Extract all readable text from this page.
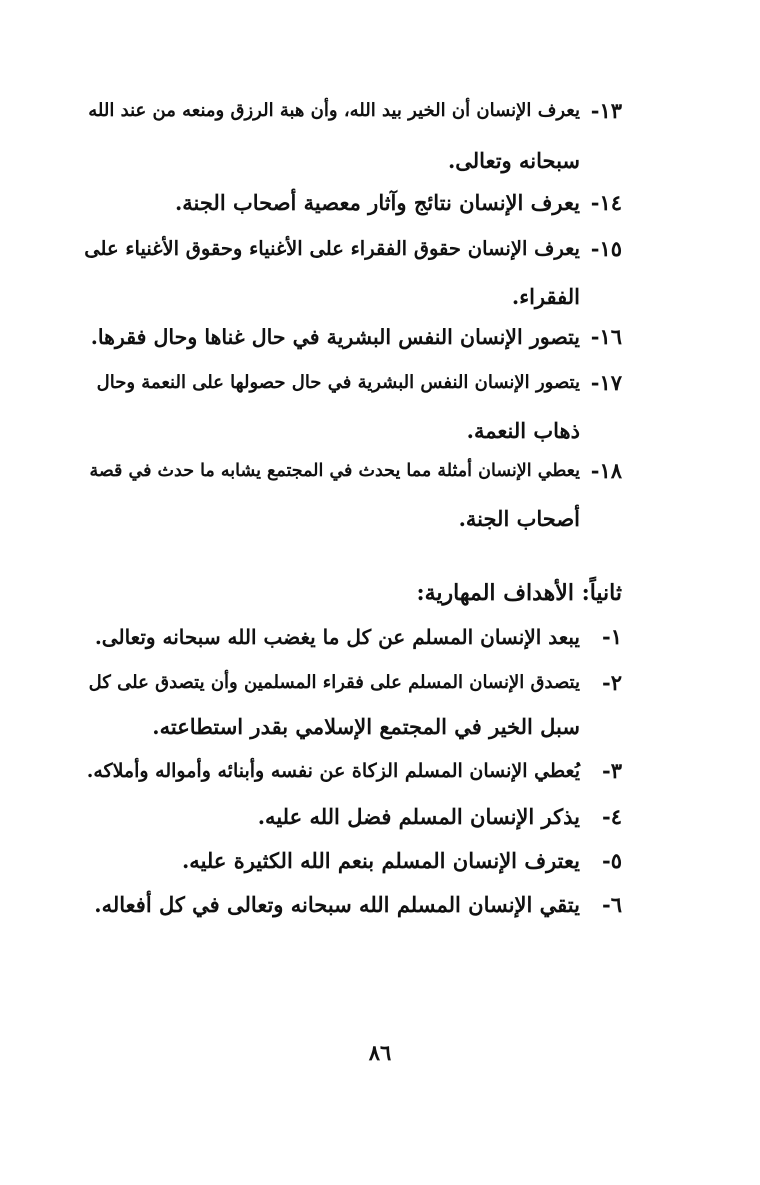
١٣-
يعرف الإنسان أن الخير بيد الله، وأن هبة الرزق ومنعه من عند الله
سبحانه وتعالى.
١٤-
يعرف الإنسان نتائج وآثار معصية أصحاب الجنة.
١٥-
يعرف الإنسان حقوق الفقراء على الأغنياء وحقوق الأغنياء على
الفقراء.
١٦-
يتصور الإنسان النفس البشرية في حال غناها وحال فقرها.
١٧-
يتصور الإنسان النفس البشرية في حال حصولها على النعمة وحال
ذهاب النعمة.
١٨-
يعطي الإنسان أمثلة مما يحدث في المجتمع يشابه ما حدث في قصة
أصحاب الجنة.
ثانياً: الأهداف المهارية:
١-
يبعد الإنسان المسلم عن كل ما يغضب الله سبحانه وتعالى.
٢-
يتصدق الإنسان المسلم على فقراء المسلمين وأن يتصدق على كل
سبل الخير في المجتمع الإسلامي بقدر استطاعته.
٣-
يُعطي الإنسان المسلم الزكاة عن نفسه وأبنائه وأمواله وأملاكه.
٤-
يذكر الإنسان المسلم فضل الله عليه.
٥-
يعترف الإنسان المسلم بنعم الله الكثيرة عليه.
٦-
يتقي الإنسان المسلم الله سبحانه وتعالى في كل أفعاله.
٨٦
